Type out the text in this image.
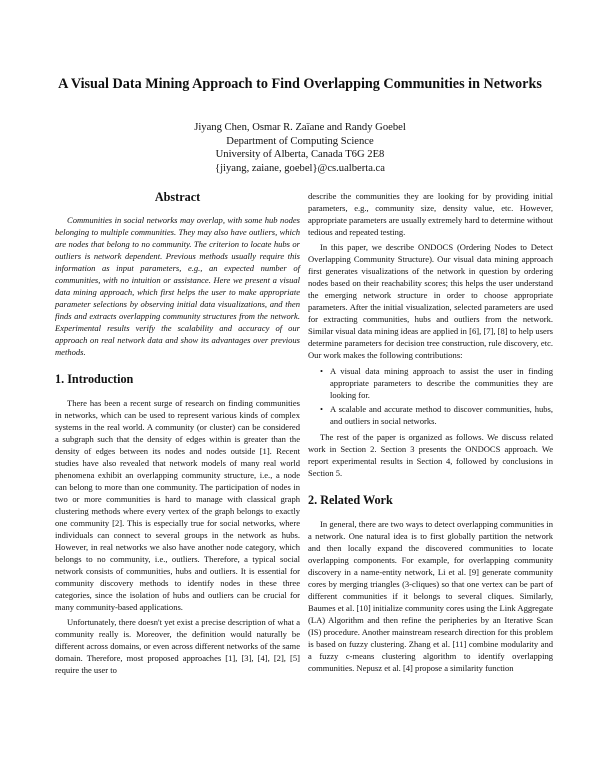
A Visual Data Mining Approach to Find Overlapping Communities in Networks
Jiyang Chen, Osmar R. Zaïane and Randy Goebel
Department of Computing Science
University of Alberta, Canada T6G 2E8
{jiyang, zaiane, goebel}@cs.ualberta.ca
Abstract

Communities in social networks may overlap, with some hub nodes belonging to multiple communities. They may also have outliers, which are nodes that belong to no community. The criterion to locate hubs or outliers is network dependent. Previous methods usually require this information as input parameters, e.g., an expected number of communities, with no intuition or assistance. Here we present a visual data mining approach, which first helps the user to make appropriate parameter selections by observing initial data visualizations, and then finds and extracts overlapping community structures from the network. Experimental results verify the scalability and accuracy of our approach on real network data and show its advantages over previous methods.

1. Introduction

There has been a recent surge of research on finding communities in networks, which can be used to represent various kinds of complex systems in the real world. A community (or cluster) can be considered a subgraph such that the density of edges within is greater than the density of edges between its nodes and nodes outside [1]. Recent studies have also revealed that network models of many real world phenomena exhibit an overlapping community structure, i.e., a node can belong to more than one community. The participation of nodes in two or more communities is hard to manage with classical graph clustering methods where every vertex of the graph belongs to exactly one community [2]. This is especially true for social networks, where individuals can connect to several groups in the network as hubs. However, in real networks we also have another node category, which belongs to no community, i.e., outliers. Therefore, a typical social network consists of communities, hubs and outliers. It is essential for community discovery methods to identify nodes in these three categories, since the isolation of hubs and outliers can be crucial for many community-based applications.

Unfortunately, there doesn't yet exist a precise description of what a community really is. Moreover, the definition would naturally be different across domains, or even across different networks of the same domain. Therefore, most proposed approaches [1], [3], [4], [2], [5] require the user to

describe the communities they are looking for by providing initial parameters, e.g., community size, density value, etc. However, appropriate parameters are usually extremely hard to determine without tedious and repeated testing.

In this paper, we describe ONDOCS (Ordering Nodes to Detect Overlapping Community Structure). Our visual data mining approach first generates visualizations of the network in question by ordering nodes based on their reachability scores; this helps the user understand the emerging network structure in order to choose appropriate parameters. After the initial visualization, selected parameters are used for extracting communities, hubs and outliers from the network. Similar visual data mining ideas are applied in [6], [7], [8] to help users determine parameters for decision tree construction, rule discovery, etc. Our work makes the following contributions:

• A visual data mining approach to assist the user in finding appropriate parameters to describe the communities they are looking for.
• A scalable and accurate method to discover communities, hubs, and outliers in social networks.

The rest of the paper is organized as follows. We discuss related work in Section 2. Section 3 presents the ONDOCS approach. We report experimental results in Section 4, followed by conclusions in Section 5.

2. Related Work

In general, there are two ways to detect overlapping communities in a network. One natural idea is to first globally partition the network and then locally expand the discovered communities to locate overlapping components. For example, for overlapping community discovery in a name-entity network, Li et al. [9] generate community cores by merging triangles (3-cliques) so that one vertex can be part of different communities if it belongs to several cliques. Similarly, Baumes et al. [10] initialize community cores using the Link Aggregate (LA) Algorithm and then refine the peripheries by an Iterative Scan (IS) procedure. Another mainstream research direction for this problem is based on fuzzy clustering. Zhang et al. [11] combine modularity and a fuzzy c-means clustering algorithm to identify overlapping communities. Nepusz et al. [4] propose a similarity function
